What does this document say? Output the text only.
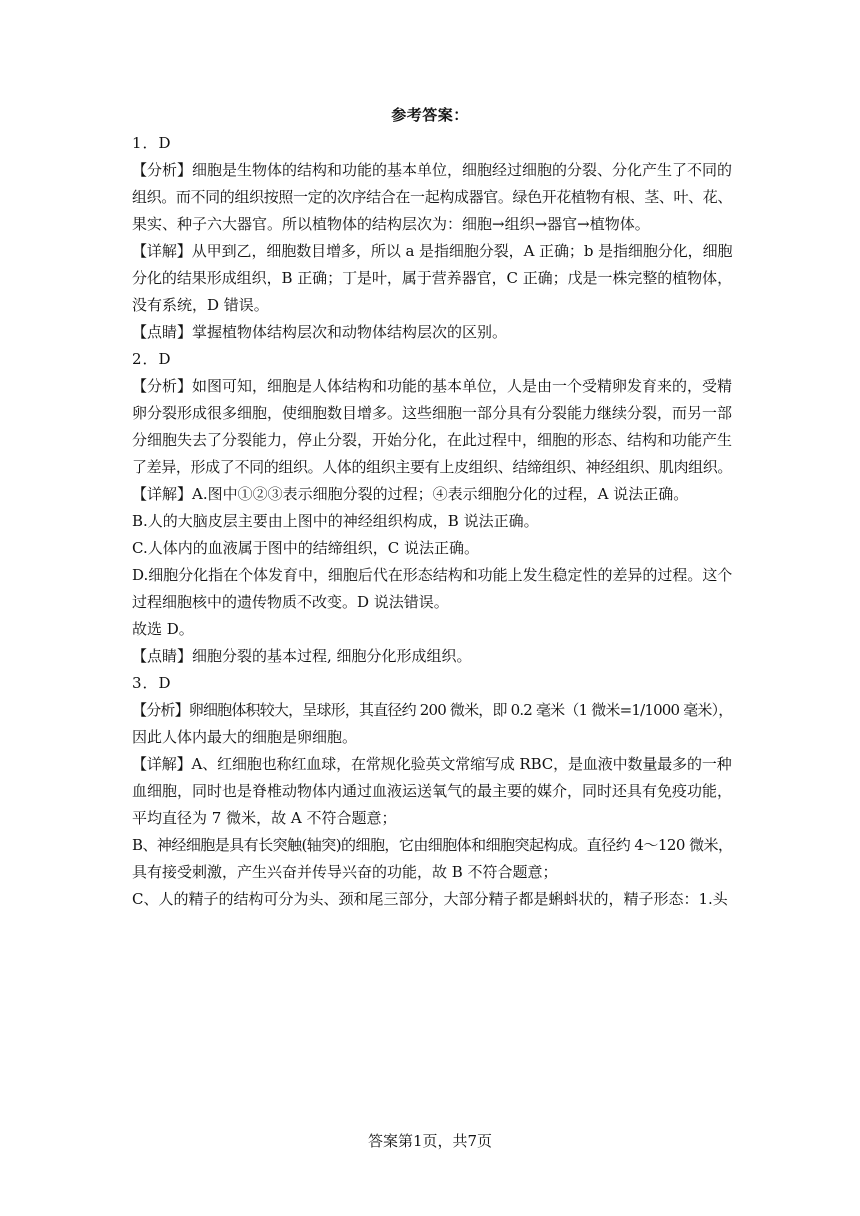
参考答案：

1．D

【分析】细胞是生物体的结构和功能的基本单位，细胞经过细胞的分裂、分化产生了不同的

组织。而不同的组织按照一定的次序结合在一起构成器官。绿色开花植物有根、茎、叶、花、

果实、种子六大器官。所以植物体的结构层次为：细胞→组织→器官→植物体。

【详解】从甲到乙，细胞数目增多，所以 a 是指细胞分裂，A 正确；b 是指细胞分化，细胞

分化的结果形成组织，B 正确；丁是叶，属于营养器官，C 正确；戊是一株完整的植物体，

没有系统，D 错误。

【点睛】掌握植物体结构层次和动物体结构层次的区别。

2．D

【分析】如图可知，细胞是人体结构和功能的基本单位，人是由一个受精卵发育来的，受精

卵分裂形成很多细胞，使细胞数目增多。这些细胞一部分具有分裂能力继续分裂，而另一部

分细胞失去了分裂能力，停止分裂，开始分化，在此过程中，细胞的形态、结构和功能产生

了差异，形成了不同的组织。人体的组织主要有上皮组织、结缔组织、神经组织、肌肉组织。

【详解】A.图中①②③表示细胞分裂的过程；④表示细胞分化的过程，A 说法正确。

B.人的大脑皮层主要由上图中的神经组织构成，B 说法正确。

C.人体内的血液属于图中的结缔组织，C 说法正确。

D.细胞分化指在个体发育中，细胞后代在形态结构和功能上发生稳定性的差异的过程。这个

过程细胞核中的遗传物质不改变。D 说法错误。

故选 D。

【点睛】细胞分裂的基本过程, 细胞分化形成组织。

3．D

【分析】卵细胞体积较大，呈球形，其直径约 200 微米，即 0.2 毫米（1 微米=1/1000 毫米），

因此人体内最大的细胞是卵细胞。

【详解】A、红细胞也称红血球，在常规化验英文常缩写成 RBC，是血液中数量最多的一种

血细胞，同时也是脊椎动物体内通过血液运送氧气的最主要的媒介，同时还具有免疫功能，

平均直径为 7 微米，故 A 不符合题意；

B、神经细胞是具有长突触(轴突)的细胞，它由细胞体和细胞突起构成。直径约 4～120 微米，

具有接受刺激，产生兴奋并传导兴奋的功能，故 B 不符合题意；

C、人的精子的结构可分为头、颈和尾三部分，大部分精子都是蝌蚪状的，精子形态：1.头

答案第1页，共7页
